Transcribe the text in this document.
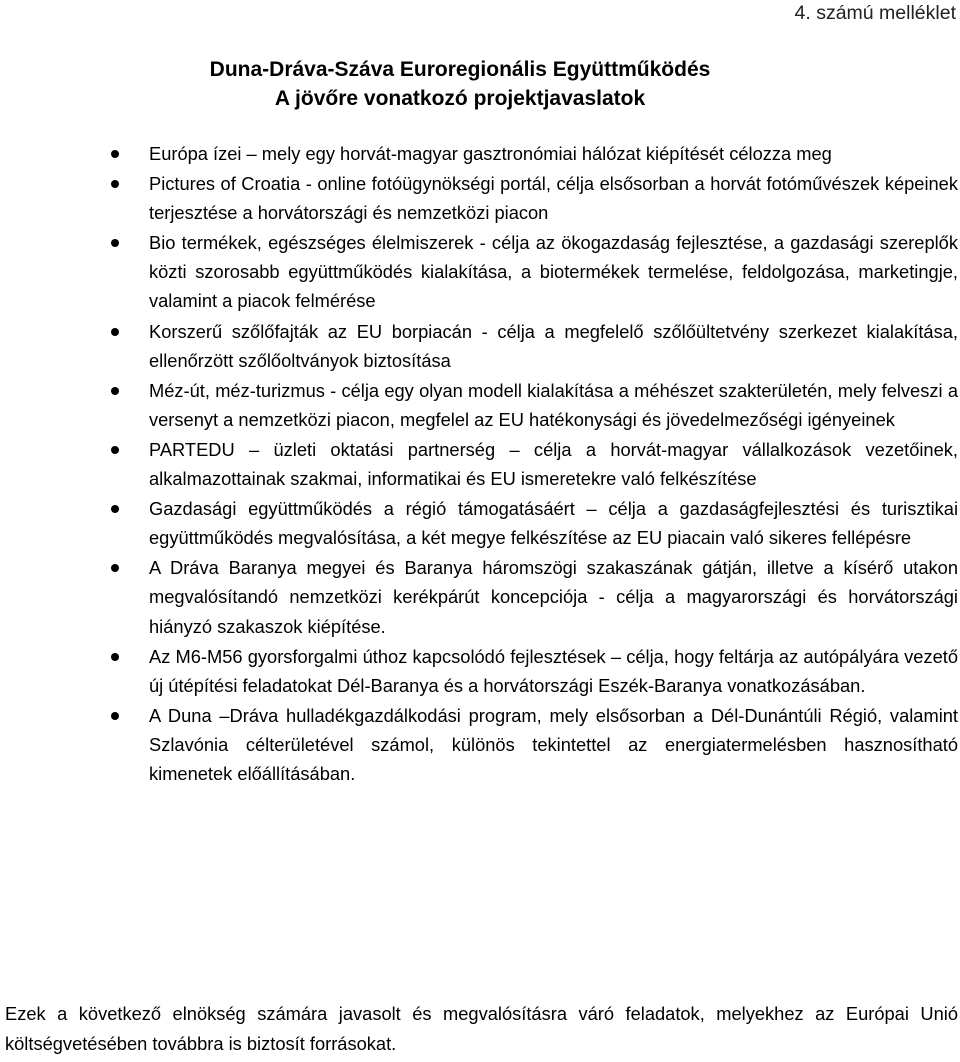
4. számú melléklet
Duna-Dráva-Száva Euroregionális Együttműködés
A jövőre vonatkozó projektjavaslatok
Európa ízei – mely egy horvát-magyar gasztronómiai hálózat kiépítését célozza meg
Pictures of Croatia - online fotóügynökségi portál, célja elsősorban a horvát fotóművészek képeinek terjesztése a horvátországi és nemzetközi piacon
Bio termékek, egészséges élelmiszerek - célja az ökogazdaság fejlesztése, a gazdasági szereplők közti szorosabb együttműködés kialakítása, a biotermékek termelése, feldolgozása, marketingje, valamint a piacok felmérése
Korszerű szőlőfajták az EU borpiacán - célja a megfelelő szőlőültetvény szerkezet kialakítása, ellenőrzött szőlőoltványok biztosítása
Méz-út, méz-turizmus - célja egy olyan modell kialakítása a méhészet szakterületén, mely felveszi a versenyt a nemzetközi piacon, megfelel az EU hatékonysági és jövedelmezőségi igényeinek
PARTEDU – üzleti oktatási partnerség – célja a horvát-magyar vállalkozások vezetőinek, alkalmazottainak szakmai, informatikai és EU ismeretekre való felkészítése
Gazdasági együttműködés a régió támogatásáért – célja a gazdaságfejlesztési és turisztikai együttműködés megvalósítása, a két megye felkészítése az EU piacain való sikeres fellépésre
A Dráva Baranya megyei és Baranya háromszögi szakaszának gátján, illetve a kísérő utakon megvalósítandó nemzetközi kerékpárút koncepciója - célja a magyarországi és horvátországi hiányzó szakaszok kiépítése.
Az M6-M56 gyorsforgalmi úthoz kapcsolódó fejlesztések – célja, hogy feltárja az autópályára vezető új útépítési feladatokat Dél-Baranya és a horvátországi Eszék-Baranya vonatkozásában.
A Duna –Dráva hulladékgazdálkodási program, mely elsősorban a Dél-Dunántúli Régió, valamint Szlavónia célterületével számol, különös tekintettel az energiatermelésben hasznosítható kimenetek előállításában.

Ezek a következő elnökség számára javasolt és megvalósításra váró feladatok, melyekhez az Európai Unió költségvetésében továbbra is biztosít forrásokat.
